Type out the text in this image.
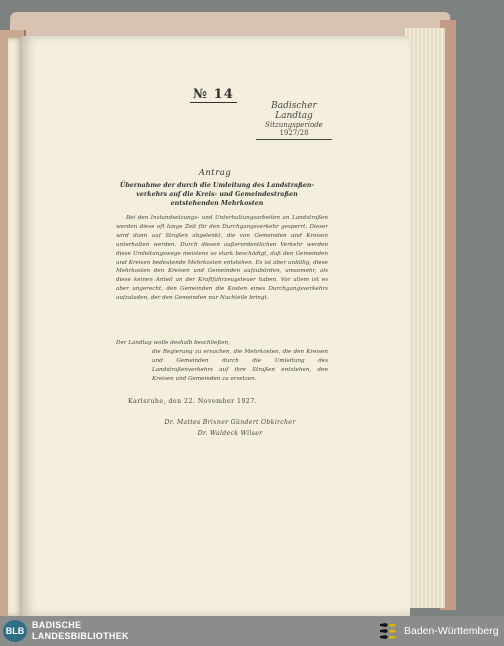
№ 14
Badischer Landtag
Sitzungsperiode
1927/28
Antrag
Übernahme der durch die Umleitung des Landstraßen-
verkehrs auf die Kreis- und Gemeindestraßen
entstehenden Mehrkosten
Bei den Instandsetzungs- und Unterhaltungsarbeiten an Landstraßen werden diese oft lange Zeit für den Durchgangsverkehr gesperrt. Dieser wird dann auf Straßen abgelenkt, die von Gemeinden und Kreisen unterhalten werden. Durch diesen außerordentlichen Verkehr werden diese Umleitungswege meistens so stark beschädigt, daß den Gemeinden und Kreisen bedeutende Mehrkosten entstehen. Es ist aber unbillig, diese Mehrkosten den Kreisen und Gemeinden aufzubürden, umsomehr, als diese keinen Anteil an der Kraftfahrzeugsteuer haben. Vor allem ist es aber ungerecht, den Gemeinden die Kosten eines Durchgangsverkehrs aufzuladen, der den Gemeinden nur Nachteile bringt.
Der Landtag wolle deshalb beschließen,
die Regierung zu ersuchen, die Mehrkosten, die den Kreisen und Gemeinden durch die Umleitung des Landstraßenverkehrs auf ihre Straßen entstehen, den Kreisen und Gemeinden zu ersetzen.
Karlsruhe, den 22. November 1927.
Dr. Mattes Brixner Gündert Obkircher
Dr. Waldeck Wilser
BLB
BADISCHE
LANDESBIBLIOTHEK	Baden-Württemberg
